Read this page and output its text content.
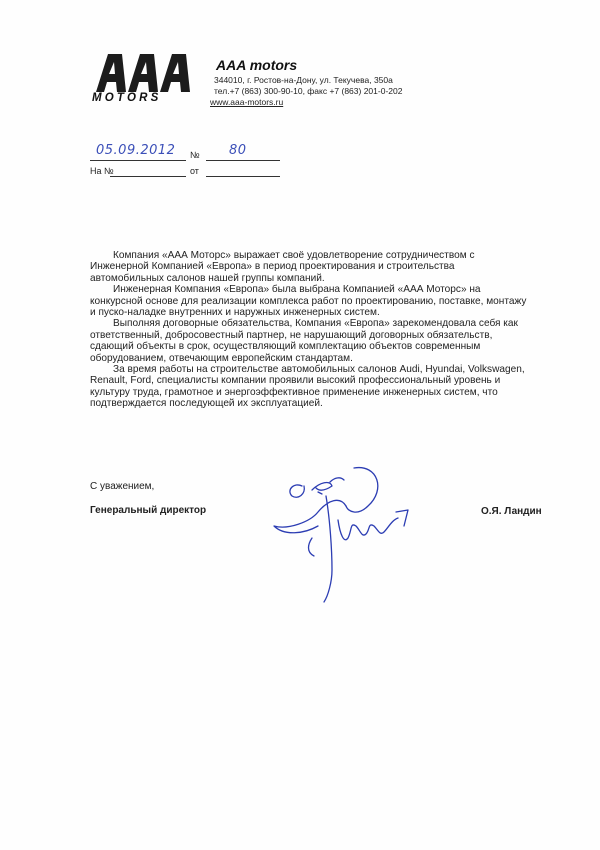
MOTORS
AAA motors
344010, г. Ростов-на-Дону, ул. Текучева, 350а
тел.+7 (863) 300-90-10, факс +7 (863) 201-0-202
www.aaa-motors.ru
05.09.2012 № 80
На №	от

Компания «ААА Моторс» выражает своё удовлетворение сотрудничеством с Инженерной Компанией «Европа» в период проектирования и строительства автомобильных салонов нашей группы компаний.

Инженерная Компания «Европа» была выбрана Компанией «ААА Моторс» на конкурсной основе для реализации комплекса работ по проектированию, поставке, монтажу и пуско-наладке внутренних и наружных инженерных систем.

Выполняя договорные обязательства, Компания «Европа» зарекомендовала себя как ответственный, добросовестный партнер, не нарушающий договорных обязательств, сдающий объекты в срок, осуществляющий комплектацию объектов современным оборудованием, отвечающим европейским стандартам.

За время работы на строительстве автомобильных салонов Audi, Hyundai, Volkswagen, Renault, Ford, специалисты компании проявили высокий профессиональный уровень и культуру труда, грамотное и энергоэффективное применение инженерных систем, что подтверждается последующей их эксплуатацией.

С уважением,
Генеральный директор	О.Я. Ландин
